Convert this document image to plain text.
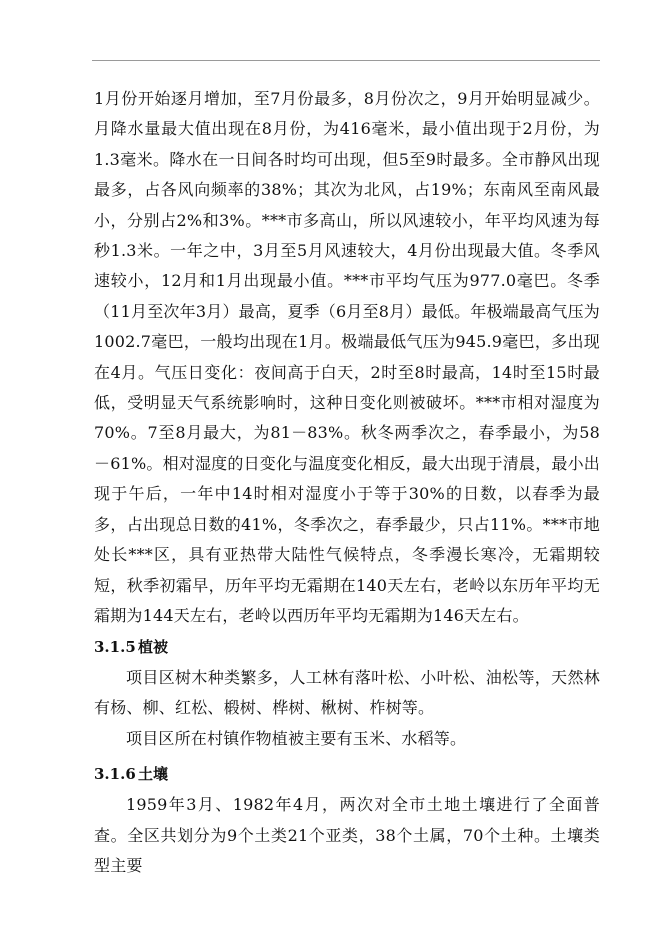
1月份开始逐月增加，至7月份最多，8月份次之，9月开始明显减少。月降水量最大值出现在8月份，为416毫米，最小值出现于2月份，为1.3毫米。降水在一日间各时均可出现，但5至9时最多。全市静风出现最多，占各风向频率的38%；其次为北风，占19%；东南风至南风最小，分别占2%和3%。***市多高山，所以风速较小，年平均风速为每秒1.3米。一年之中，3月至5月风速较大，4月份出现最大值。冬季风速较小，12月和1月出现最小值。***市平均气压为977.0毫巴。冬季（11月至次年3月）最高，夏季（6月至8月）最低。年极端最高气压为1002.7毫巴，一般均出现在1月。极端最低气压为945.9毫巴，多出现在4月。气压日变化：夜间高于白天，2时至8时最高，14时至15时最低，受明显天气系统影响时，这种日变化则被破坏。***市相对湿度为70%。7至8月最大，为81－83%。秋冬两季次之，春季最小，为58－61%。相对湿度的日变化与温度变化相反，最大出现于清晨，最小出现于午后，一年中14时相对湿度小于等于30%的日数，以春季为最多，占出现总日数的41%，冬季次之，春季最少，只占11%。***市地处长***区，具有亚热带大陆性气候特点，冬季漫长寒冷，无霜期较短，秋季初霜早，历年平均无霜期在140天左右，老岭以东历年平均无霜期为144天左右，老岭以西历年平均无霜期为146天左右。

3.1.5 植被

项目区树木种类繁多，人工林有落叶松、小叶松、油松等，天然林有杨、柳、红松、椴树、桦树、楸树、柞树等。

项目区所在村镇作物植被主要有玉米、水稻等。

3.1.6 土壤

1959年3月、1982年4月，两次对全市土地土壤进行了全面普查。全区共划分为9个土类21个亚类，38个土属，70个土种。土壤类型主要
